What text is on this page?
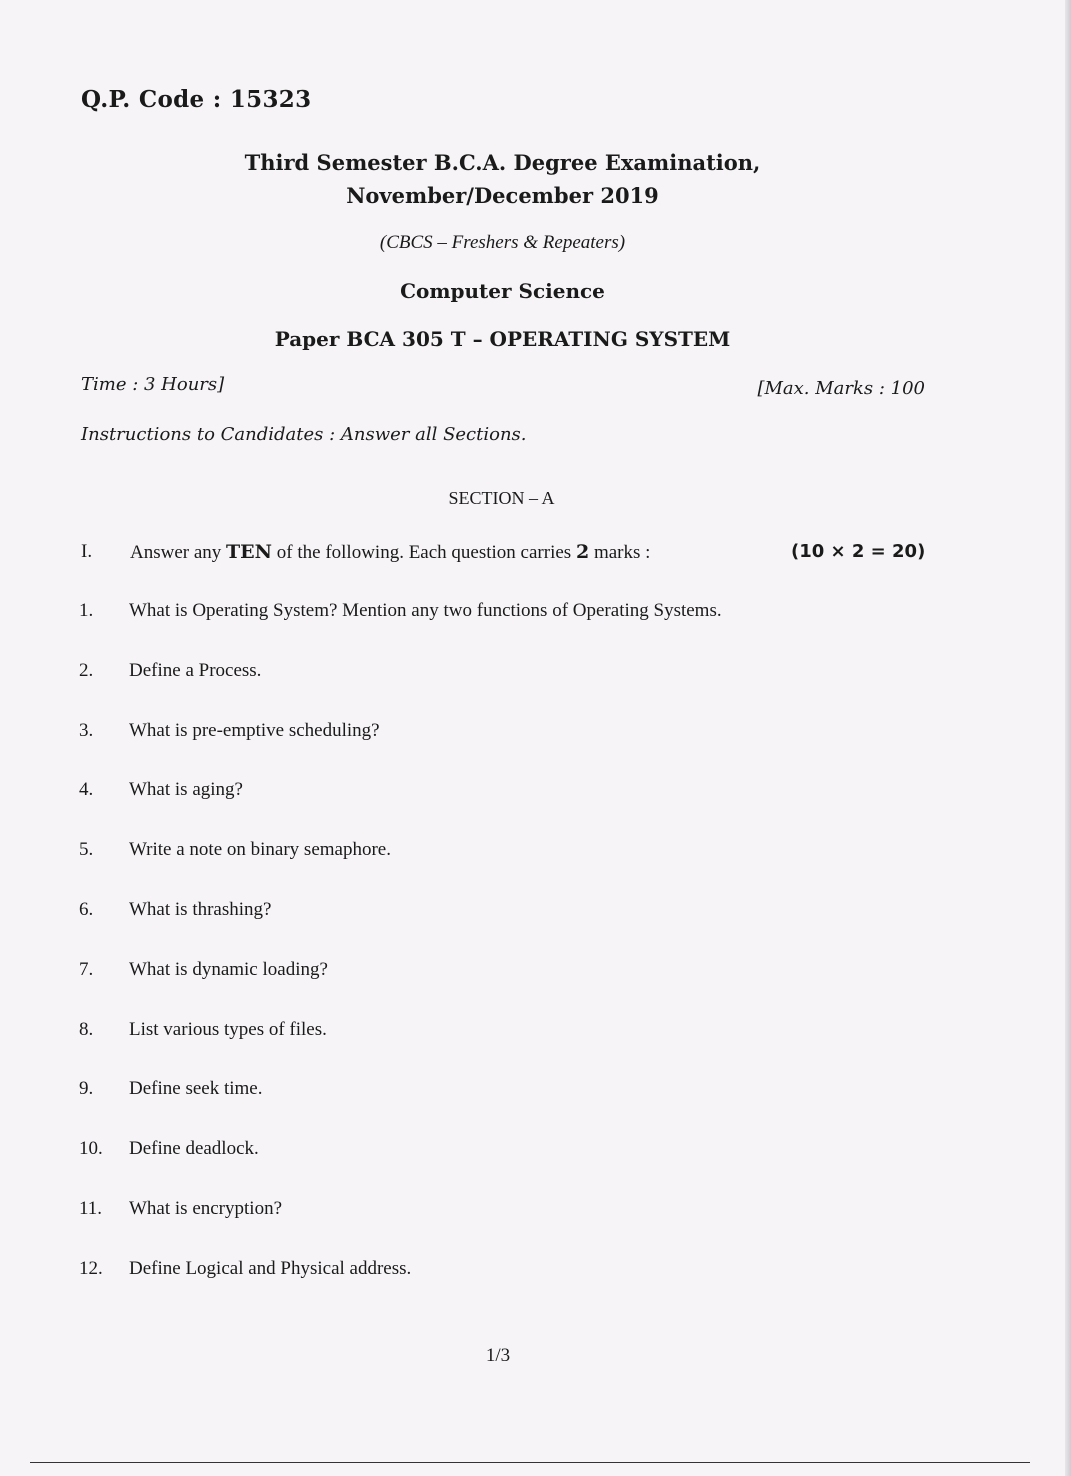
Q.P. Code : 15323
Third Semester B.C.A. Degree Examination,
November/December 2019
(CBCS – Freshers & Repeaters)
Computer Science
Paper BCA 305 T – OPERATING SYSTEM
Time : 3 Hours]	[Max. Marks : 100
Instructions to Candidates : Answer all Sections.
SECTION – A
I. Answer any TEN of the following. Each question carries 2 marks :	(10 × 2 = 20)
1. What is Operating System? Mention any two functions of Operating Systems.
2. Define a Process.
3. What is pre-emptive scheduling?
4. What is aging?
5. Write a note on binary semaphore.
6. What is thrashing?
7. What is dynamic loading?
8. List various types of files.
9. Define seek time.
10. Define deadlock.
11. What is encryption?
12. Define Logical and Physical address.
1/3
